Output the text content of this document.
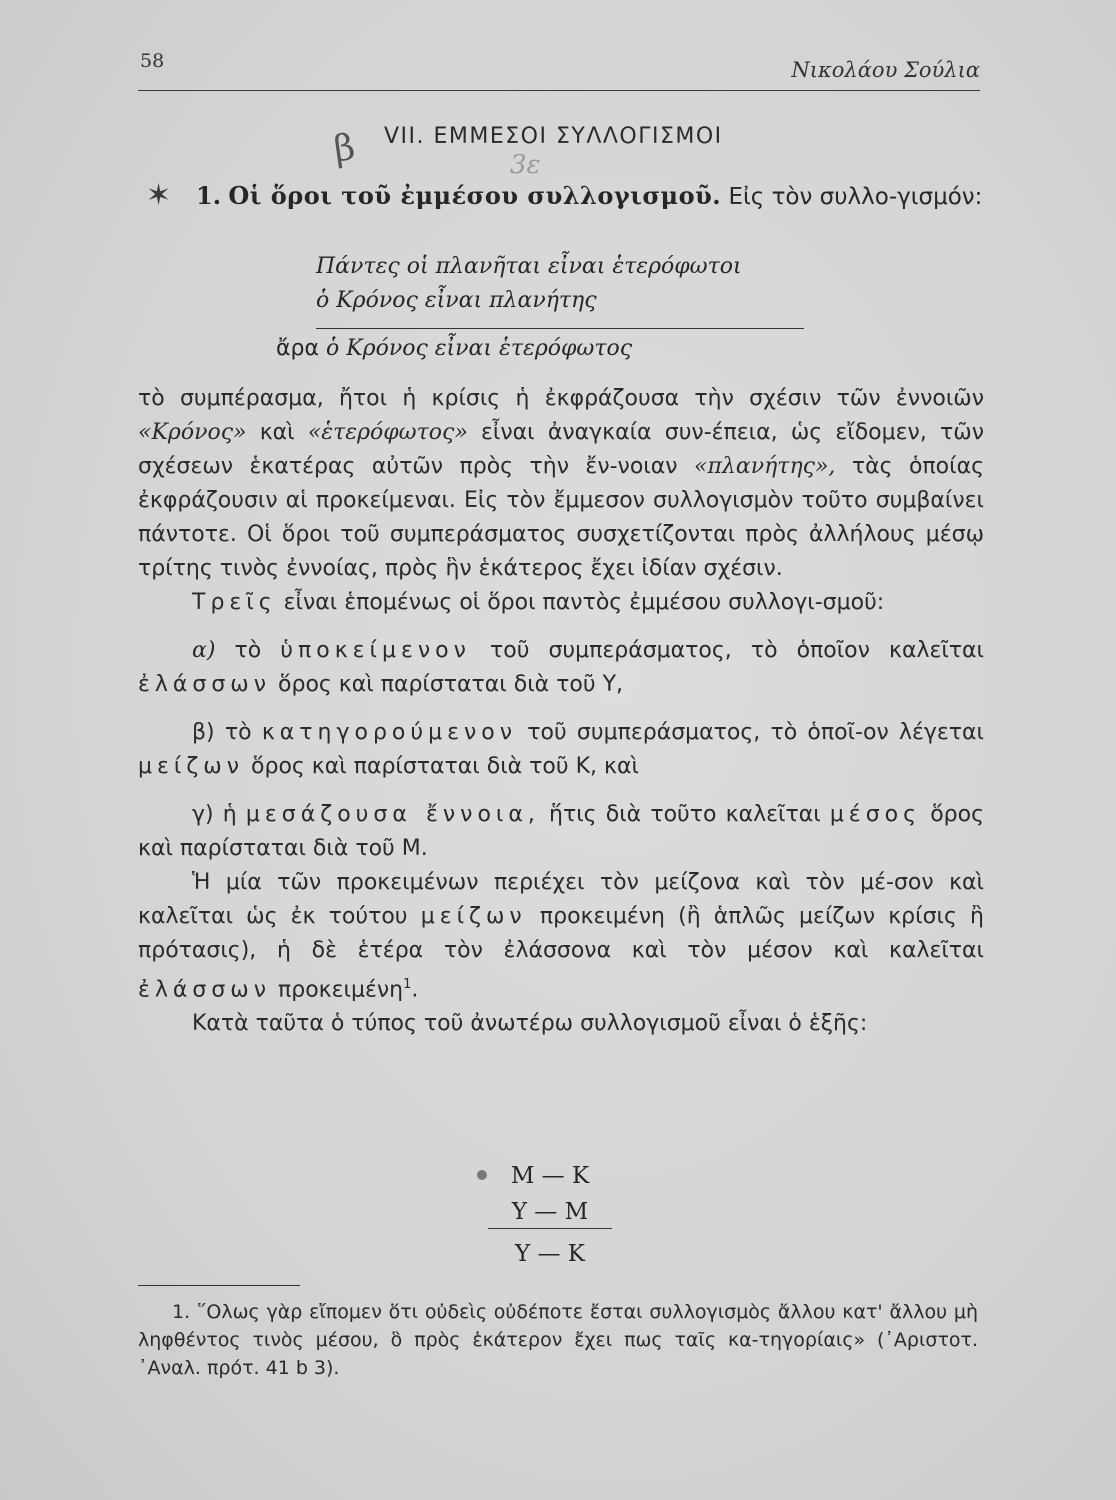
58	Νικολάου Σούλια
β VII. ΕΜΜΕΣΟΙ ΣΥΛΛΟΓΙΣΜΟΙ
3ε
✶	1. Οἱ ὅροι τοῦ ἐμμέσου συλλογισμοῦ. Εἰς τὸν συλλο-γισμόν:
Πάντες οἱ πλανῆται εἶναι ἑτερόφωτοι
ὁ Κρόνος εἶναι πλανήτης
ἄρα ὁ Κρόνος εἶναι ἑτερόφωτος

τὸ συμπέρασμα, ἤτοι ἡ κρίσις ἡ ἐκφράζουσα τὴν σχέσιν τῶν ἐννοιῶν «Κρόνος» καὶ «ἑτερόφωτος» εἶναι ἀναγκαία συν-έπεια, ὡς εἴδομεν, τῶν σχέσεων ἑκατέρας αὐτῶν πρὸς τὴν ἔν-νοιαν «πλανήτης», τὰς ὁποίας ἐκφράζουσιν αἱ προκείμεναι. Εἰς τὸν ἔμμεσον συλλογισμὸν τοῦτο συμβαίνει πάντοτε. Οἱ ὅροι τοῦ συμπεράσματος συσχετίζονται πρὸς ἀλλήλους μέσῳ τρίτης τινὸς ἐννοίας, πρὸς ἣν ἑκάτερος ἔχει ἰδίαν σχέσιν.

Τρεῖς εἶναι ἑπομένως οἱ ὅροι παντὸς ἐμμέσου συλλογι-σμοῦ:

α) τὸ ὑποκείμενον τοῦ συμπεράσματος, τὸ ὁποῖον καλεῖται ἐλάσσων ὅρος καὶ παρίσταται διὰ τοῦ Υ,

β) τὸ κατηγορούμενον τοῦ συμπεράσματος, τὸ ὁποῖ-ον λέγεται μείζων ὅρος καὶ παρίσταται διὰ τοῦ Κ, καὶ

γ) ἡ μεσάζουσα ἔννοια, ἥτις διὰ τοῦτο καλεῖται μέσος ὅρος καὶ παρίσταται διὰ τοῦ Μ.

Ἡ μία τῶν προκειμένων περιέχει τὸν μείζονα καὶ τὸν μέ-σον καὶ καλεῖται ὡς ἐκ τούτου μείζων προκειμένη (ἢ ἁπλῶς μείζων κρίσις ἢ πρότασις), ἡ δὲ ἑτέρα τὸν ἐλάσσονα καὶ τὸν μέσον καὶ καλεῖται ἐλάσσων προκειμένη$^1$.

Κατὰ ταῦτα ὁ τύπος τοῦ ἀνωτέρω συλλογισμοῦ εἶναι ὁ ἑξῆς:

Μ — Κ
Υ — Μ
Υ — Κ

1. ῞Ολως γὰρ εἴπομεν ὅτι οὐδεὶς οὐδέποτε ἔσται συλλογισμὸς ἄλλου κατ' ἄλλου μὴ ληφθέντος τινὸς μέσου, ὃ πρὸς ἑκάτερον ἔχει πως ταῖς κα-τηγορίαις» (᾿Αριστοτ. ᾿Αναλ. πρότ. 41 b 3).
